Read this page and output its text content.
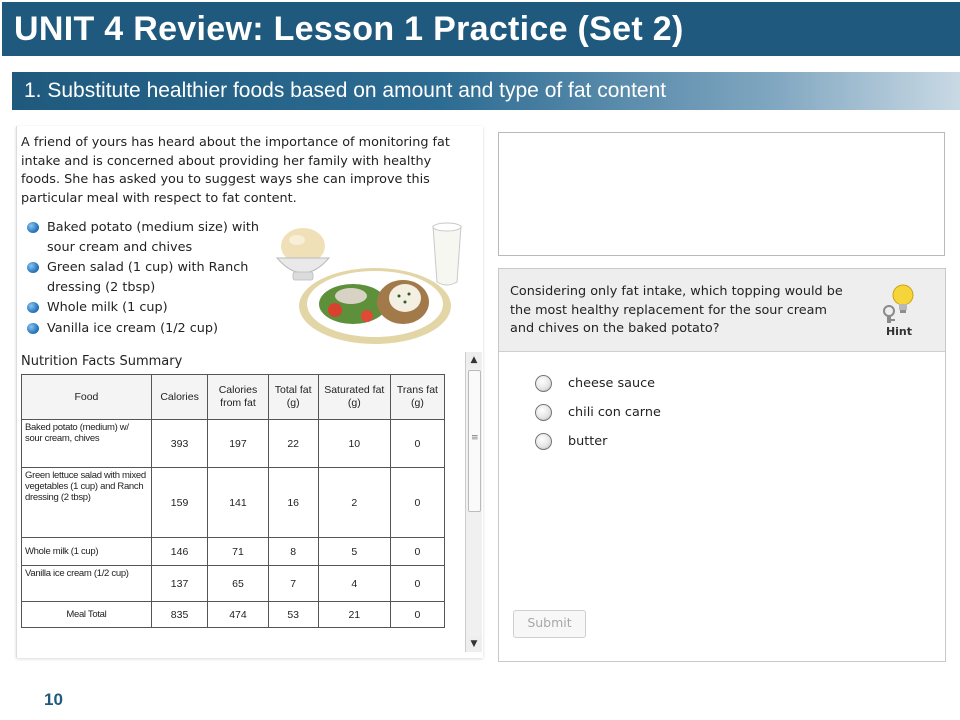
UNIT 4 Review: Lesson 1 Practice (Set 2)
1. Substitute healthier foods based on amount and type of fat content
A friend of yours has heard about the importance of monitoring fat intake and is concerned about providing her family with healthy foods. She has asked you to suggest ways she can improve this particular meal with respect to fat content.
Baked potato (medium size) with sour cream and chives
Green salad (1 cup) with Ranch dressing (2 tbsp)
Whole milk (1 cup)
Vanilla ice cream (1/2 cup)
Nutrition Facts Summary
Food	Calories	Calories from fat	Total fat (g)	Saturated fat (g)	Trans fat (g)
Baked potato (medium) w/ sour cream, chives	393	197	22	10	0
Green lettuce salad with mixed vegetables (1 cup) and Ranch dressing (2 tbsp)	159	141	16	2	0
Whole milk (1 cup)	146	71	8	5	0
Vanilla ice cream (1/2 cup)	137	65	7	4	0
Meal Total	835	474	53	21	0
▲
≡
▼
Considering only fat intake, which topping would be the most healthy replacement for the sour cream and chives on the baked potato?	Hint
cheese sauce
chili con carne
butter
Submit
10
